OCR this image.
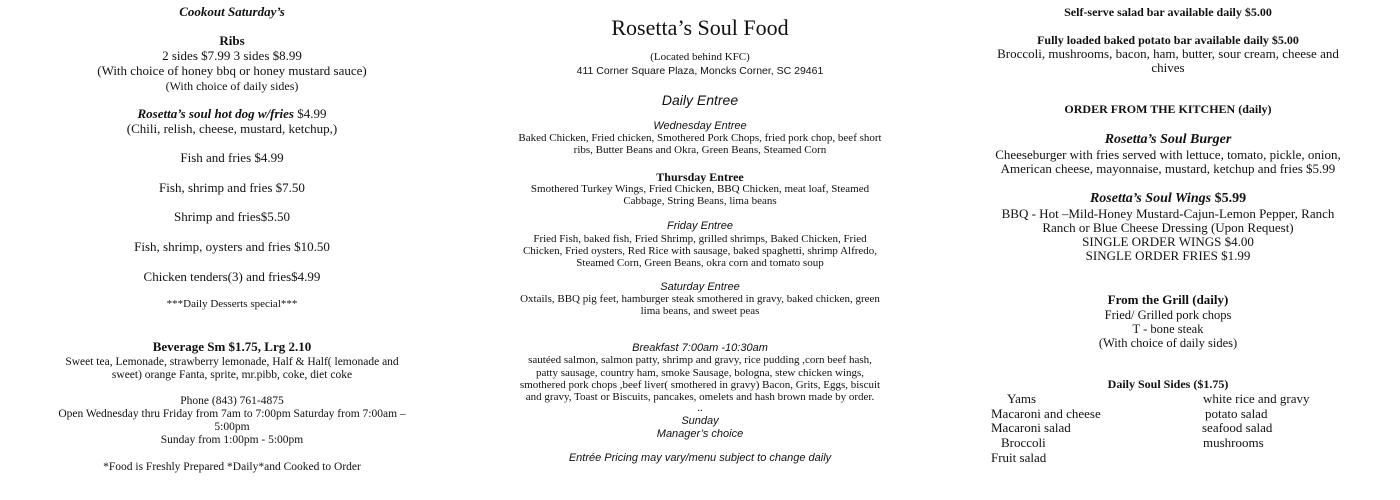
Cookout Saturday’s
Ribs
2 sides $7.99 3 sides $8.99
(With choice of honey bbq or honey mustard sauce)
(With choice of daily sides)
Rosetta’s soul hot dog w/fries $4.99
(Chili, relish, cheese, mustard, ketchup,)
Fish and fries $4.99
Fish, shrimp and fries $7.50
Shrimp and fries$5.50
Fish, shrimp, oysters and fries $10.50
Chicken tenders(3) and fries$4.99
***Daily Desserts special***
Beverage Sm $1.75, Lrg 2.10
Sweet tea, Lemonade, strawberry lemonade, Half & Half( lemonade and
sweet) orange Fanta, sprite, mr.pibb, coke, diet coke
Phone (843) 761-4875
Open Wednesday thru Friday from 7am to 7:00pm Saturday from 7:00am –
5:00pm
Sunday from 1:00pm - 5:00pm
*Food is Freshly Prepared *Daily*and Cooked to Order
Rosetta’s Soul Food
(Located behind KFC)
411 Corner Square Plaza, Moncks Corner, SC 29461
Daily Entree
Wednesday Entree
Baked Chicken, Fried chicken, Smothered Pork Chops, fried pork chop, beef short
ribs, Butter Beans and Okra, Green Beans, Steamed Corn
Thursday Entree
Smothered Turkey Wings, Fried Chicken, BBQ Chicken, meat loaf, Steamed
Cabbage, String Beans, lima beans
Friday Entree
Fried Fish, baked fish, Fried Shrimp, grilled shrimps, Baked Chicken, Fried
Chicken, Fried oysters, Red Rice with sausage, baked spaghetti, shrimp Alfredo,
Steamed Corn, Green Beans, okra corn and tomato soup
Saturday Entree
Oxtails, BBQ pig feet, hamburger steak smothered in gravy, baked chicken, green
lima beans, and sweet peas
Breakfast 7:00am -10:30am
sautéed salmon, salmon patty, shrimp and gravy, rice pudding ,corn beef hash,
patty sausage, country ham, smoke Sausage, bologna, stew chicken wings,
smothered pork chops ,beef liver( smothered in gravy) Bacon, Grits, Eggs, biscuit
and gravy, Toast or Biscuits, pancakes, omelets and hash brown made by order.
..
Sunday
Manager’s choice
Entrée Pricing may vary/menu subject to change daily
Self-serve salad bar available daily $5.00
Fully loaded baked potato bar available daily $5.00
Broccoli, mushrooms, bacon, ham, butter, sour cream, cheese and
chives
ORDER FROM THE KITCHEN (daily)
Rosetta’s Soul Burger
Cheeseburger with fries served with lettuce, tomato, pickle, onion,
American cheese, mayonnaise, mustard, ketchup and fries $5.99
Rosetta’s Soul Wings $5.99
BBQ - Hot –Mild-Honey Mustard-Cajun-Lemon Pepper, Ranch
Ranch or Blue Cheese Dressing (Upon Request)
SINGLE ORDER WINGS $4.00
SINGLE ORDER FRIES $1.99
From the Grill (daily)
Fried/ Grilled pork chops
T - bone steak
(With choice of daily sides)
Daily Soul Sides ($1.75)
Yams
Macaroni and cheese
Macaroni salad
Broccoli
Fruit salad
white rice and gravy
potato salad
seafood salad
mushrooms
